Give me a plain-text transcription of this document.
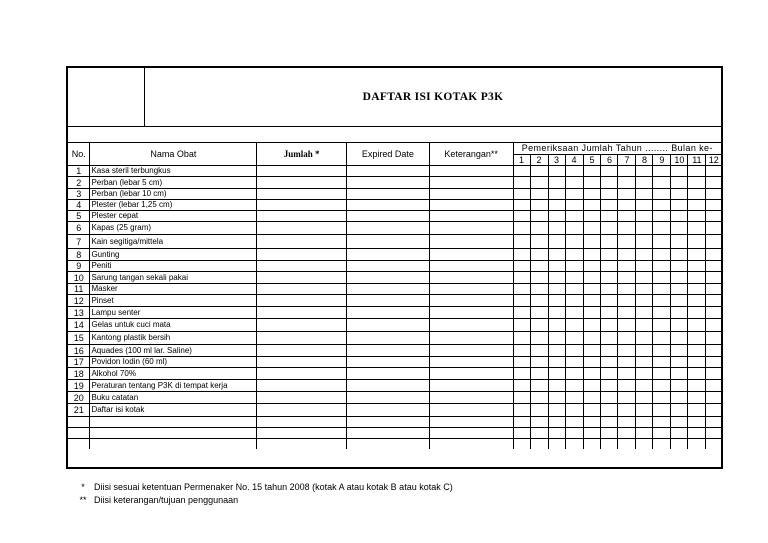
DAFTAR ISI KOTAK P3K
No.	Nama Obat	Jumlah *	Expired Date	Keterangan**	Pemeriksaan Jumlah Tahun ........ Bulan ke-											
					1	2	3	4	5	6	7	8	9	10	11	12
1	Kasa steril terbungkus															
2	Perban (lebar 5 cm)															
3	Perban (lebar 10 cm)															
4	Plester (lebar 1,25 cm)															
5	Plester cepat															
6	Kapas (25 gram)															
7	Kain segitiga/mittela															
8	Gunting															
9	Peniti															
10	Sarung tangan sekali pakai															
11	Masker															
12	Pinset															
13	Lampu senter															
14	Gelas untuk cuci mata															
15	Kantong plastik bersih															
16	Aquades (100 ml lar. Saline)															
17	Povidon Iodin (60 ml)															
18	Alkohol 70%															
19	Peraturan tentang P3K di tempat kerja															
20	Buku catatan															
21	Daftar isi kotak															

*	Diisi sesuai ketentuan Permenaker No. 15 tahun 2008 (kotak A atau kotak B atau kotak C)
** Diisi keterangan/tujuan penggunaan
